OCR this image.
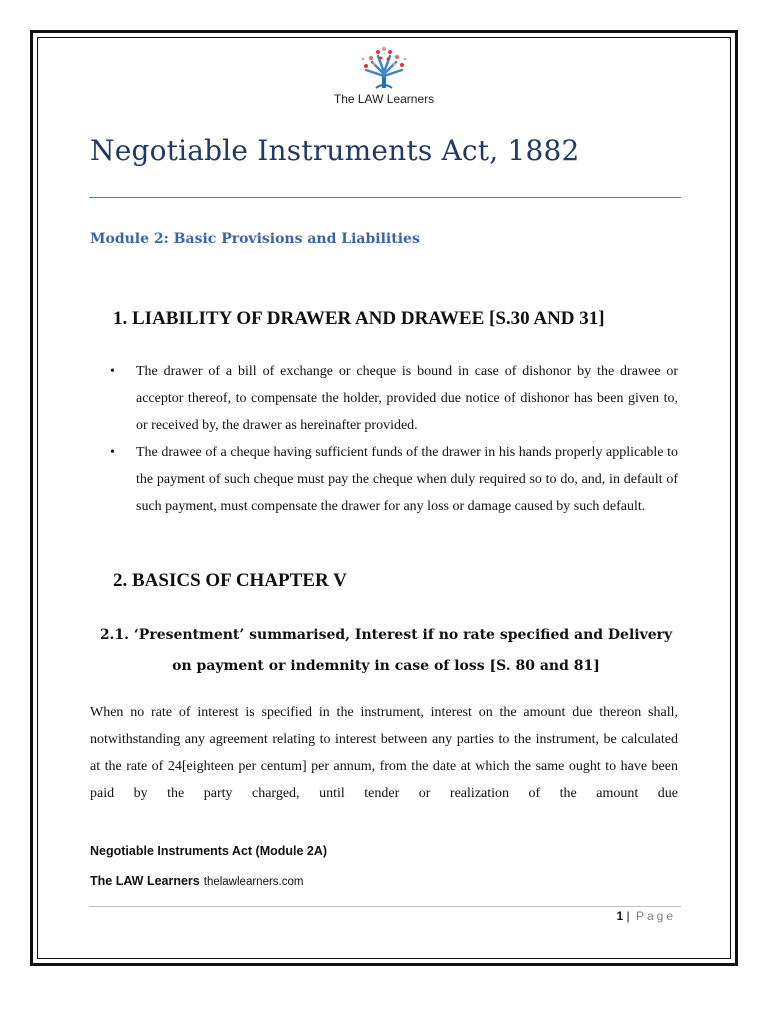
The LAW Learners
Negotiable Instruments Act, 1882
Module 2: Basic Provisions and Liabilities
1. LIABILITY OF DRAWER AND DRAWEE [S.30 AND 31]
• The drawer of a bill of exchange or cheque is bound in case of dishonor by the drawee or acceptor thereof, to compensate the holder, provided due notice of dishonor has been given to, or received by, the drawer as hereinafter provided.
• The drawee of a cheque having sufficient funds of the drawer in his hands properly applicable to the payment of such cheque must pay the cheque when duly required so to do, and, in default of such payment, must compensate the drawer for any loss or damage caused by such default.
2. BASICS OF CHAPTER V
2.1. ‘Presentment’ summarised, Interest if no rate specified and Delivery
on payment or indemnity in case of loss [S. 80 and 81]

When no rate of interest is specified in the instrument, interest on the amount due thereon shall, notwithstanding any agreement relating to interest between any parties to the instrument, be calculated at the rate of 24[eighteen per centum] per annum, from the date at which the same ought to have been paid by the party charged, until tender or realization of the amount due

Negotiable Instruments Act (Module 2A)

The LAW Learners thelawlearners.com

1 | Page
